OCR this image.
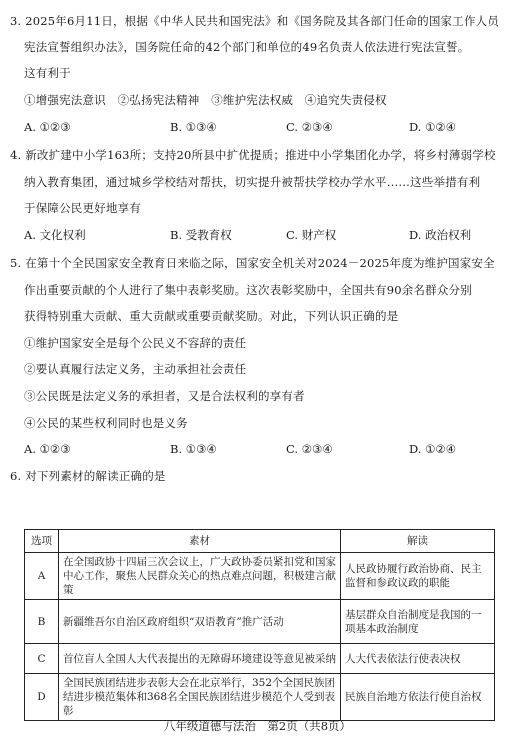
3. 2025年6月11日，根据《中华人民共和国宪法》和《国务院及其各部门任命的国家工作人员
宪法宣誓组织办法》，国务院任命的42个部门和单位的49名负责人依法进行宪法宣誓。
这有利于
①增强宪法意识　②弘扬宪法精神　③维护宪法权威　④追究失责侵权
A. ①②③	B. ①③④	C. ②③④	D. ①②④
4. 新改扩建中小学163所；支持20所县中扩优提质；推进中小学集团化办学，将乡村薄弱学校
纳入教育集团，通过城乡学校结对帮扶，切实提升被帮扶学校办学水平……这些举措有利
于保障公民更好地享有
A. 文化权利	B. 受教育权	C. 财产权	D. 政治权利
5. 在第十个全民国家安全教育日来临之际，国家安全机关对2024－2025年度为维护国家安全
作出重要贡献的个人进行了集中表彰奖励。这次表彰奖励中，全国共有90余名群众分别
获得特别重大贡献、重大贡献或重要贡献奖励。对此，下列认识正确的是
①维护国家安全是每个公民义不容辞的责任
②要认真履行法定义务，主动承担社会责任
③公民既是法定义务的承担者，又是合法权利的享有者
④公民的某些权利同时也是义务
A. ①②③	B. ①③④	C. ②③④	D. ①②④
6. 对下列素材的解读正确的是
选项	素材	解读
A	在全国政协十四届三次会议上，广大政协委员紧扣党和国家中心工作，聚焦人民群众关心的热点难点问题，积极建言献策	人民政协履行政治协商、民主监督和参政议政的职能
B	新疆维吾尔自治区政府组织“双语教育”推广活动	基层群众自治制度是我国的一项基本政治制度
C	首位盲人全国人大代表提出的无障碍环境建设等意见被采纳	人大代表依法行使表决权
D	全国民族团结进步表彰大会在北京举行，352个全国民族团结进步模范集体和368名全国民族团结进步模范个人受到表彰	民族自治地方依法行使自治权
八年级道德与法治　第2页（共8页）
